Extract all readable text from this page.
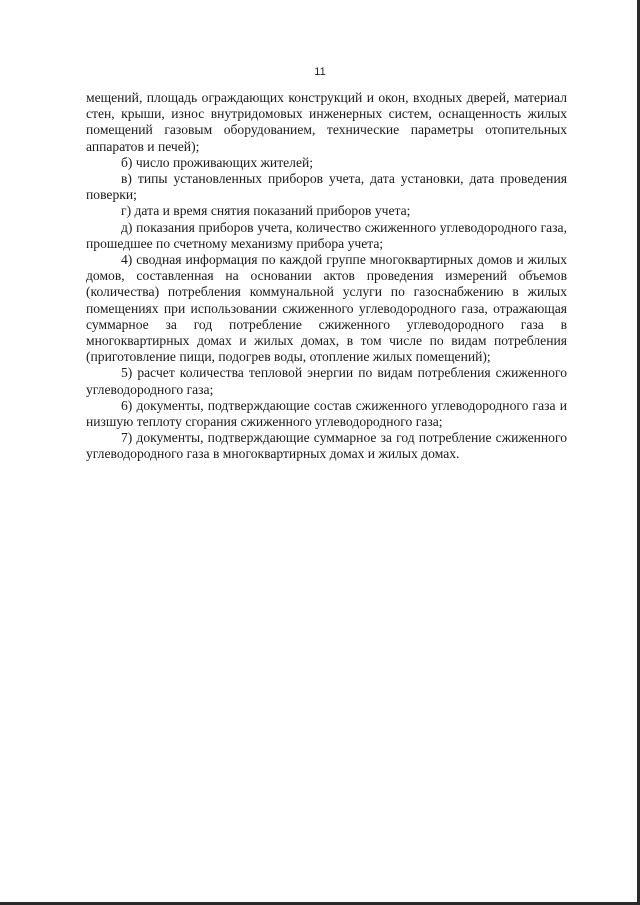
11

мещений, площадь ограждающих конструкций и окон, входных дверей, материал стен, крыши, износ внутридомовых инженерных систем, оснащенность жилых помещений газовым оборудованием, технические параметры отопительных аппаратов и печей);

б) число проживающих жителей;

в) типы установленных приборов учета, дата установки, дата проведения поверки;

г) дата и время снятия показаний приборов учета;

д) показания приборов учета, количество сжиженного углеводородного газа, прошедшее по счетному механизму прибора учета;

4) сводная информация по каждой группе многоквартирных домов и жилых домов, составленная на основании актов проведения измерений объемов (количества) потребления коммунальной услуги по газоснабжению в жилых помещениях при использовании сжиженного углеводородного газа, отражающая суммарное за год потребление сжиженного углеводородного газа в многоквартирных домах и жилых домах, в том числе по видам потребления (приготовление пищи, подогрев воды, отопление жилых помещений);

5) расчет количества тепловой энергии по видам потребления сжиженного углеводородного газа;

6) документы, подтверждающие состав сжиженного углеводородного газа и низшую теплоту сгорания сжиженного углеводородного газа;

7) документы, подтверждающие суммарное за год потребление сжиженного углеводородного газа в многоквартирных домах и жилых домах.
